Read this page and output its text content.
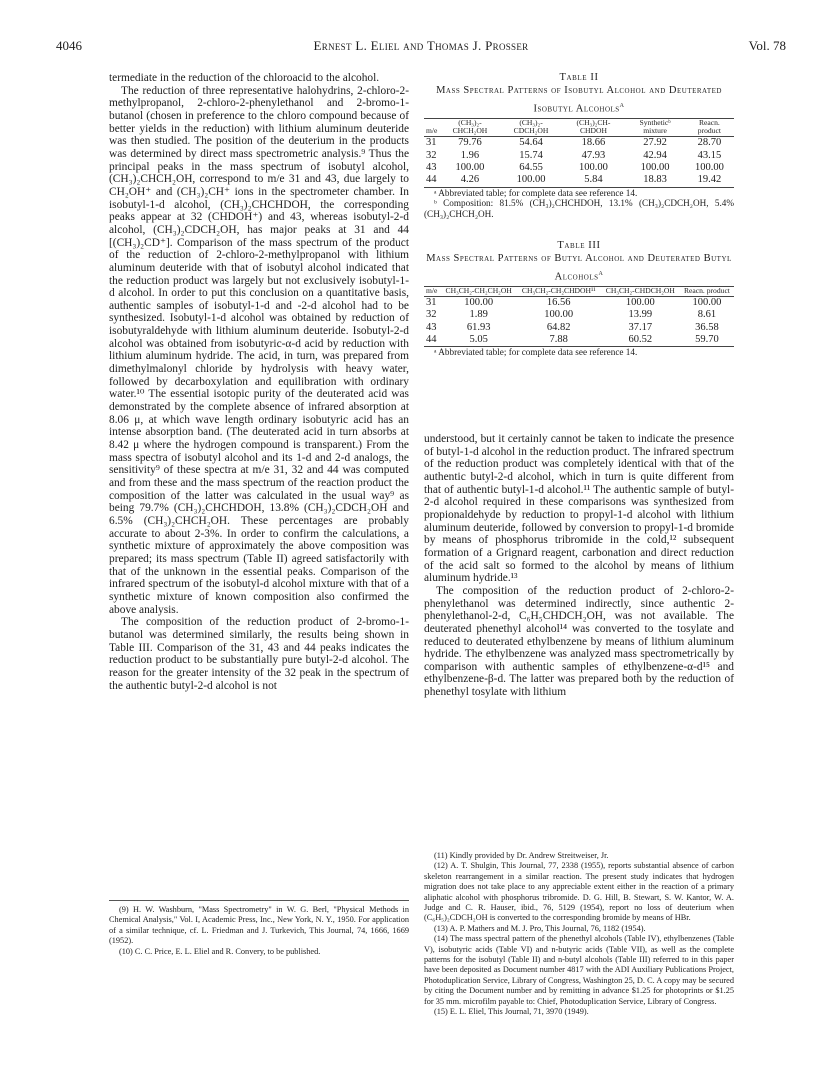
4046	Ernest L. Eliel and Thomas J. Prosser	Vol. 78

termediate in the reduction of the chloroacid to the alcohol.

The reduction of three representative halohydrins, 2-chloro-2-methylpropanol, 2-chloro-2-phenylethanol and 2-bromo-1-butanol (chosen in preference to the chloro compound because of better yields in the reduction) with lithium aluminum deuteride was then studied. The position of the deuterium in the products was determined by direct mass spectrometric analysis.⁹ Thus the principal peaks in the mass spectrum of isobutyl alcohol, (CH₃)₂CHCH₂OH, correspond to m/e 31 and 43, due largely to CH₂OH⁺ and (CH₃)₂CH⁺ ions in the spectrometer chamber. In isobutyl-1-d alcohol, (CH₃)₂CHCHDOH, the corresponding peaks appear at 32 (CHDOH⁺) and 43, whereas isobutyl-2-d alcohol, (CH₃)₂CDCH₂OH, has major peaks at 31 and 44 [(CH₃)₂CD⁺]. Comparison of the mass spectrum of the product of the reduction of 2-chloro-2-methylpropanol with lithium aluminum deuteride with that of isobutyl alcohol indicated that the reduction product was largely but not exclusively isobutyl-1-d alcohol. In order to put this conclusion on a quantitative basis, authentic samples of isobutyl-1-d and -2-d alcohol had to be synthesized. Isobutyl-1-d alcohol was obtained by reduction of isobutyraldehyde with lithium aluminum deuteride. Isobutyl-2-d alcohol was obtained from isobutyric-α-d acid by reduction with lithium aluminum hydride. The acid, in turn, was prepared from dimethylmalonyl chloride by hydrolysis with heavy water, followed by decarboxylation and equilibration with ordinary water.¹⁰ The essential isotopic purity of the deuterated acid was demonstrated by the complete absence of infrared absorption at 8.06 μ, at which wave length ordinary isobutyric acid has an intense absorption band. (The deuterated acid in turn absorbs at 8.42 μ where the hydrogen compound is transparent.) From the mass spectra of isobutyl alcohol and its 1-d and 2-d analogs, the sensitivity⁹ of these spectra at m/e 31, 32 and 44 was computed and from these and the mass spectrum of the reaction product the composition of the latter was calculated in the usual way⁹ as being 79.7% (CH₃)₂CHCHDOH, 13.8% (CH₃)₂CDCH₂OH and 6.5% (CH₃)₂CHCH₂OH. These percentages are probably accurate to about 2-3%. In order to confirm the calculations, a synthetic mixture of approximately the above composition was prepared; its mass spectrum (Table II) agreed satisfactorily with that of the unknown in the essential peaks. Comparison of the infrared spectrum of the isobutyl-d alcohol mixture with that of a synthetic mixture of known composition also confirmed the above analysis.

The composition of the reduction product of 2-bromo-1-butanol was determined similarly, the results being shown in Table III. Comparison of the 31, 43 and 44 peaks indicates the reduction product to be substantially pure butyl-2-d alcohol. The reason for the greater intensity of the 32 peak in the spectrum of the authentic butyl-2-d alcohol is not

(9) H. W. Washburn, "Mass Spectrometry" in W. G. Berl, "Physical Methods in Chemical Analysis," Vol. I, Academic Press, Inc., New York, N. Y., 1950. For application of a similar technique, cf. L. Friedman and J. Turkevich, This Journal, 74, 1666, 1669 (1952).
(10) C. C. Price, E. L. Eliel and R. Convery, to be published.
Table II
Mass Spectral Patterns of Isobutyl Alcohol and Deuterated Isobutyl Alcohols$^a$
m/e	(CH₃)₂-CHCH₂OH	(CH₃)₂-CDCH₂OH	(CH₃)₂CH-CHDOH	Syntheticᵇ mixture	Reacn. product
31	79.76	54.64	18.66	27.92	28.70
32	1.96	15.74	47.93	42.94	43.15
43	100.00	64.55	100.00	100.00	100.00
44	4.26	100.00	5.84	18.83	19.42
ᵃ Abbreviated table; for complete data see reference 14.
ᵇ Composition: 81.5% (CH₃)₂CHCHDOH, 13.1% (CH₃)₂CDCH₂OH, 5.4% (CH₃)₂CHCH₂OH.
Table III
Mass Spectral Patterns of Butyl Alcohol and Deuterated Butyl Alcohols$^a$
m/e	CH₃CH₂-CH₂CH₂OH	CH₃CH₂-CH₂CHDOH¹¹	CH₃CH₂-CHDCH₂OH	Reacn. product
31	100.00	16.56	100.00	100.00
32	1.89	100.00	13.99	8.61
43	61.93	64.82	37.17	36.58
44	5.05	7.88	60.52	59.70
ᵃ Abbreviated table; for complete data see reference 14.

understood, but it certainly cannot be taken to indicate the presence of butyl-1-d alcohol in the reduction product. The infrared spectrum of the reduction product was completely identical with that of the authentic butyl-2-d alcohol, which in turn is quite different from that of authentic butyl-1-d alcohol.¹¹ The authentic sample of butyl-2-d alcohol required in these comparisons was synthesized from propionaldehyde by reduction to propyl-1-d alcohol with lithium aluminum deuteride, followed by conversion to propyl-1-d bromide by means of phosphorus tribromide in the cold,¹² subsequent formation of a Grignard reagent, carbonation and direct reduction of the acid salt so formed to the alcohol by means of lithium aluminum hydride.¹³

The composition of the reduction product of 2-chloro-2-phenylethanol was determined indirectly, since authentic 2-phenylethanol-2-d, C₆H₅CHDCH₂OH, was not available. The deuterated phenethyl alcohol¹⁴ was converted to the tosylate and reduced to deuterated ethylbenzene by means of lithium aluminum hydride. The ethylbenzene was analyzed mass spectrometrically by comparison with authentic samples of ethylbenzene-α-d¹⁵ and ethylbenzene-β-d. The latter was prepared both by the reduction of phenethyl tosylate with lithium

(11) Kindly provided by Dr. Andrew Streitweiser, Jr.
(12) A. T. Shulgin, This Journal, 77, 2338 (1955), reports substantial absence of carbon skeleton rearrangement in a similar reaction. The present study indicates that hydrogen migration does not take place to any appreciable extent either in the reaction of a primary aliphatic alcohol with phosphorus tribromide. D. G. Hill, B. Stewart, S. W. Kantor, W. A. Judge and C. R. Hauser, ibid., 76, 5129 (1954), report no loss of deuterium when (C₆H₅)₂CDCH₂OH is converted to the corresponding bromide by means of HBr.
(13) A. P. Mathers and M. J. Pro, This Journal, 76, 1182 (1954).
(14) The mass spectral pattern of the phenethyl alcohols (Table IV), ethylbenzenes (Table V), isobutyric acids (Table VI) and n-butyric acids (Table VII), as well as the complete patterns for the isobutyl (Table II) and n-butyl alcohols (Table III) referred to in this paper have been deposited as Document number 4817 with the ADI Auxiliary Publications Project, Photoduplication Service, Library of Congress, Washington 25, D. C. A copy may be secured by citing the Document number and by remitting in advance $1.25 for photoprints or $1.25 for 35 mm. microfilm payable to: Chief, Photoduplication Service, Library of Congress.
(15) E. L. Eliel, This Journal, 71, 3970 (1949).
